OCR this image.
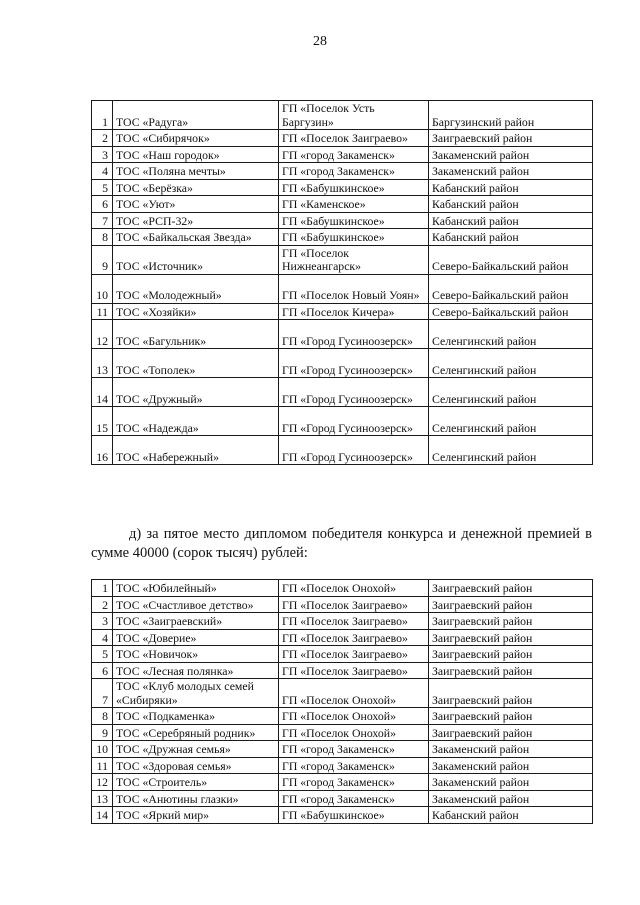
28
1	ТОС «Радуга»	ГП «Поселок Усть Баргузин»	Баргузинский район
2	ТОС «Сибирячок»	ГП «Поселок Заиграево»	Заиграевский район
3	ТОС «Наш городок»	ГП «город Закаменск»	Закаменский район
4	ТОС «Поляна мечты»	ГП «город Закаменск»	Закаменский район
5	ТОС «Берёзка»	ГП «Бабушкинское»	Кабанский район
6	ТОС «Уют»	ГП «Каменское»	Кабанский район
7	ТОС «РСП-32»	ГП «Бабушкинское»	Кабанский район
8	ТОС «Байкальская Звезда»	ГП «Бабушкинское»	Кабанский район
9	ТОС «Источник»	ГП «Поселок Нижнеангарск»	Северо-Байкальский район
10	ТОС «Молодежный»	ГП «Поселок Новый Уоян»	Северо-Байкальский район
11	ТОС «Хозяйки»	ГП «Поселок Кичера»	Северо-Байкальский район
12	ТОС «Багульник»	ГП «Город Гусиноозерск»	Селенгинский район
13	ТОС «Тополек»	ГП «Город Гусиноозерск»	Селенгинский район
14	ТОС «Дружный»	ГП «Город Гусиноозерск»	Селенгинский район
15	ТОС «Надежда»	ГП «Город Гусиноозерск»	Селенгинский район
16	ТОС «Набережный»	ГП «Город Гусиноозерск»	Селенгинский район

д) за пятое место дипломом победителя конкурса и денежной премией в сумме 40000 (сорок тысяч) рублей:

1	ТОС «Юбилейный»	ГП «Поселок Онохой»	Заиграевский район
2	ТОС «Счастливое детство»	ГП «Поселок Заиграево»	Заиграевский район
3	ТОС «Заиграевский»	ГП «Поселок Заиграево»	Заиграевский район
4	ТОС «Доверие»	ГП «Поселок Заиграево»	Заиграевский район
5	ТОС «Новичок»	ГП «Поселок Заиграево»	Заиграевский район
6	ТОС «Лесная полянка»	ГП «Поселок Заиграево»	Заиграевский район
7	ТОС «Клуб молодых семей «Сибиряки»	ГП «Поселок Онохой»	Заиграевский район
8	ТОС «Подкаменка»	ГП «Поселок Онохой»	Заиграевский район
9	ТОС «Серебряный родник»	ГП «Поселок Онохой»	Заиграевский район
10	ТОС «Дружная семья»	ГП «город Закаменск»	Закаменский район
11	ТОС «Здоровая семья»	ГП «город Закаменск»	Закаменский район
12	ТОС «Строитель»	ГП «город Закаменск»	Закаменский район
13	ТОС «Анютины глазки»	ГП «город Закаменск»	Закаменский район
14	ТОС «Яркий мир»	ГП «Бабушкинское»	Кабанский район
